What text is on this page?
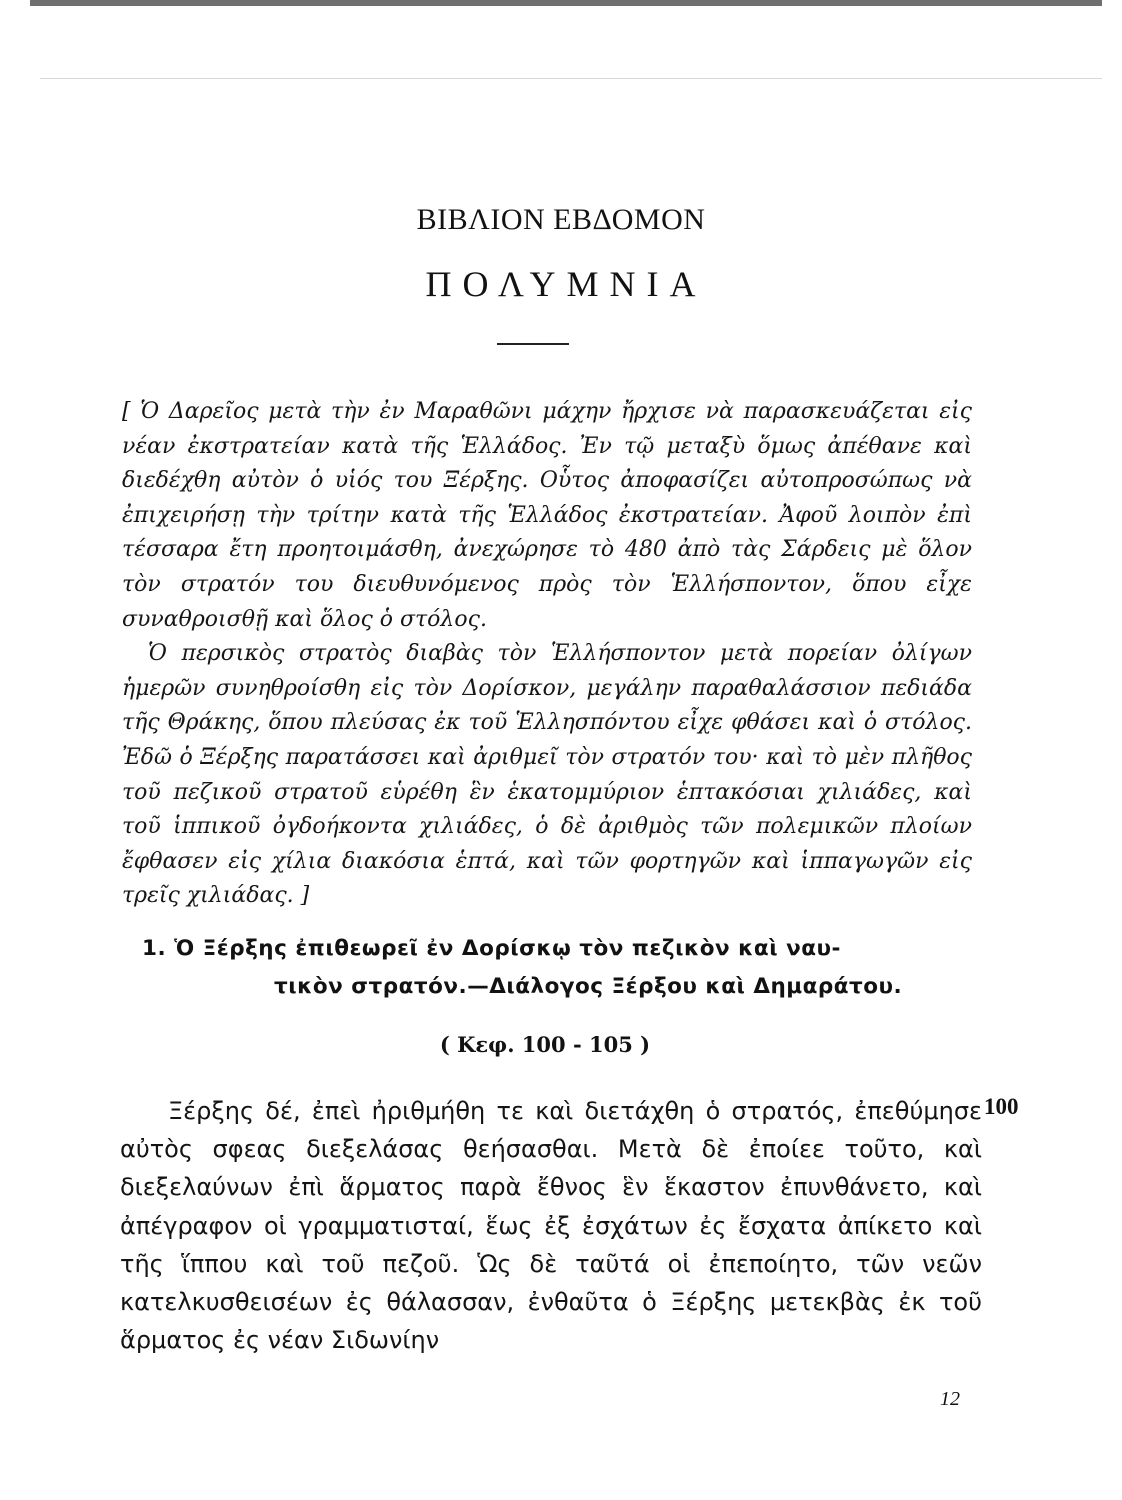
ΒΙΒΛΙΟΝ ΕΒΔΟΜΟΝ
ΠΟΛΥΜΝΙΑ

[ Ὁ Δαρεῖος μετὰ τὴν ἐν Μαραθῶνι μάχην ἤρχισε νὰ παρασκευάζεται εἰς νέαν ἐκστρατείαν κατὰ τῆς Ἑλλάδος. Ἐν τῷ μεταξὺ ὅμως ἀπέθανε καὶ διεδέχθη αὐτὸν ὁ υἱός του Ξέρξης. Οὗτος ἀποφασίζει αὐτοπροσώπως νὰ ἐπιχειρήσῃ τὴν τρίτην κατὰ τῆς Ἑλλάδος ἐκστρατείαν. Ἀφοῦ λοιπὸν ἐπὶ τέσσαρα ἔτη προητοιμάσθη, ἀνεχώρησε τὸ 480 ἀπὸ τὰς Σάρδεις μὲ ὅλον τὸν στρατόν του διευθυνόμενος πρὸς τὸν Ἑλλήσποντον, ὅπου εἶχε συναθροισθῇ καὶ ὅλος ὁ στόλος.

Ὁ περσικὸς στρατὸς διαβὰς τὸν Ἑλλήσποντον μετὰ πορείαν ὀλίγων ἡμερῶν συνηθροίσθη εἰς τὸν Δορίσκον, μεγάλην παραθαλάσσιον πεδιάδα τῆς Θράκης, ὅπου πλεύσας ἐκ τοῦ Ἑλλησπόντου εἶχε φθάσει καὶ ὁ στόλος. Ἐδῶ ὁ Ξέρξης παρατάσσει καὶ ἀριθμεῖ τὸν στρατόν του· καὶ τὸ μὲν πλῆθος τοῦ πεζικοῦ στρατοῦ εὑρέθη ἓν ἑκατομμύριον ἑπτακόσιαι χιλιάδες, καὶ τοῦ ἱππικοῦ ὀγδοήκοντα χιλιάδες, ὁ δὲ ἀριθμὸς τῶν πολεμικῶν πλοίων ἔφθασεν εἰς χίλια διακόσια ἑπτά, καὶ τῶν φορτηγῶν καὶ ἱππαγωγῶν εἰς τρεῖς χιλιάδας. ]

1. Ὁ Ξέρξης ἐπιθεωρεῖ ἐν Δορίσκῳ τὸν πεζικὸν καὶ ναυ-
τικὸν στρατόν.—Διάλογος Ξέρξου καὶ Δημαράτου.
( Κεφ. 100 - 105 )

Ξέρξης δέ, ἐπεὶ ἠριθμήθη τε καὶ διετάχθη ὁ στρατός, ἐπεθύμησε αὐτὸς σφεας διεξελάσας θεήσασθαι. Μετὰ δὲ ἐποίεε τοῦτο, καὶ διεξελαύνων ἐπὶ ἅρματος παρὰ ἔθνος ἓν ἕκαστον ἐπυνθάνετο, καὶ ἀπέγραφον οἱ γραμματισταί, ἕως ἐξ ἐσχάτων ἐς ἔσχατα ἀπίκετο καὶ τῆς ἵππου καὶ τοῦ πεζοῦ. Ὡς δὲ ταῦτά οἱ ἐπεποίητο, τῶν νεῶν κατελκυσθεισέων ἐς θάλασσαν, ἐνθαῦτα ὁ Ξέρξης μετεκβὰς ἐκ τοῦ ἅρματος ἐς νέαν Σιδωνίην

100
12
